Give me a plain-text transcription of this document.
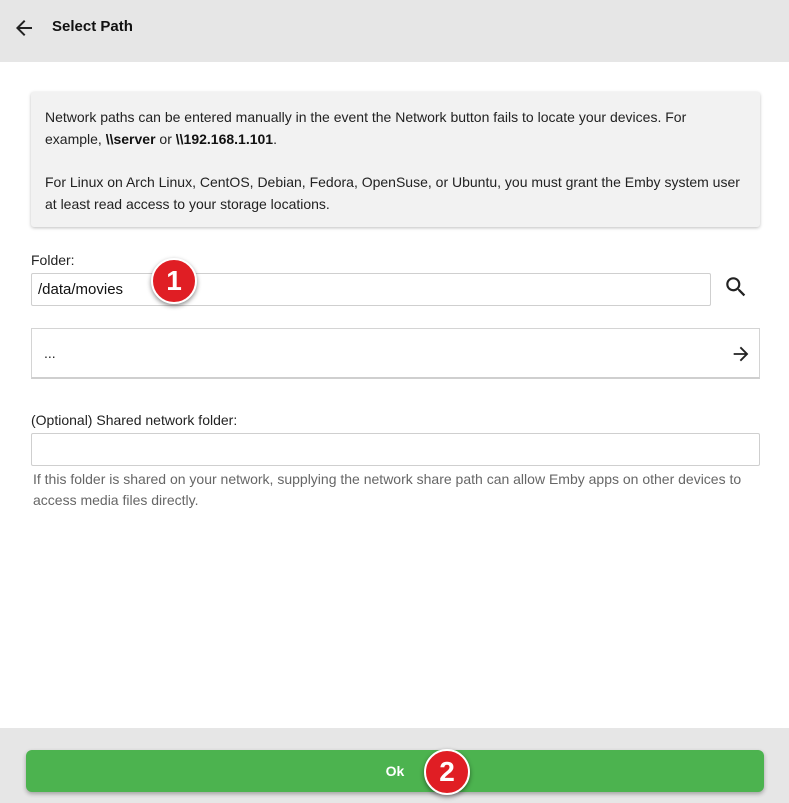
Select Path

Network paths can be entered manually in the event the Network button fails to locate your devices. For example, \\server or \\192.168.1.101.

For Linux on Arch Linux, CentOS, Debian, Fedora, OpenSuse, or Ubuntu, you must grant the Emby system user at least read access to your storage locations.

Folder:
/data/movies
...
(Optional) Shared network folder:
If this folder is shared on your network, supplying the network share path can allow Emby apps on other devices to access media files directly.
Ok
1
2
